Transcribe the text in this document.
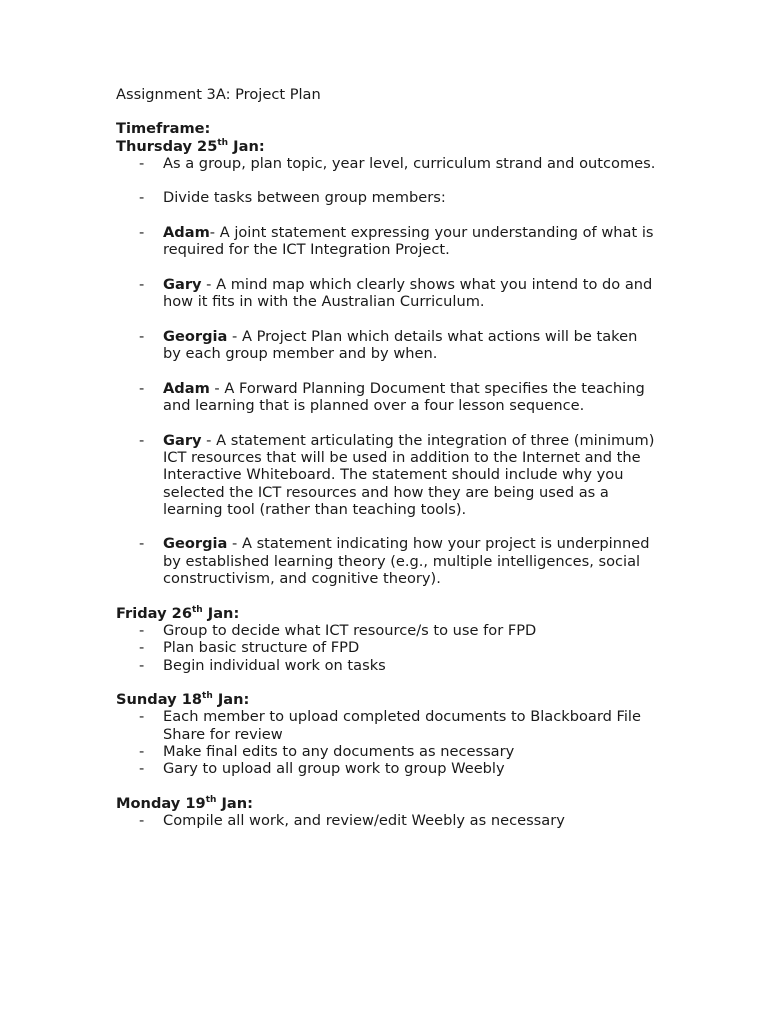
Assignment 3A: Project Plan

Timeframe:

Thursday 25th Jan:

- As a group, plan topic, year level, curriculum strand and outcomes.
- Divide tasks between group members:
- Adam- A joint statement expressing your understanding of what is required for the ICT Integration Project.
- Gary - A mind map which clearly shows what you intend to do and how it fits in with the Australian Curriculum.
- Georgia - A Project Plan which details what actions will be taken by each group member and by when.
- Adam - A Forward Planning Document that specifies the teaching and learning that is planned over a four lesson sequence.
- Gary - A statement articulating the integration of three (minimum) ICT resources that will be used in addition to the Internet and the Interactive Whiteboard. The statement should include why you selected the ICT resources and how they are being used as a learning tool (rather than teaching tools).
- Georgia - A statement indicating how your project is underpinned by established learning theory (e.g., multiple intelligences, social constructivism, and cognitive theory).

Friday 26th Jan:

- Group to decide what ICT resource/s to use for FPD
- Plan basic structure of FPD
- Begin individual work on tasks

Sunday 18th Jan:

- Each member to upload completed documents to Blackboard File Share for review
- Make final edits to any documents as necessary
- Gary to upload all group work to group Weebly

Monday 19th Jan:

- Compile all work, and review/edit Weebly as necessary
